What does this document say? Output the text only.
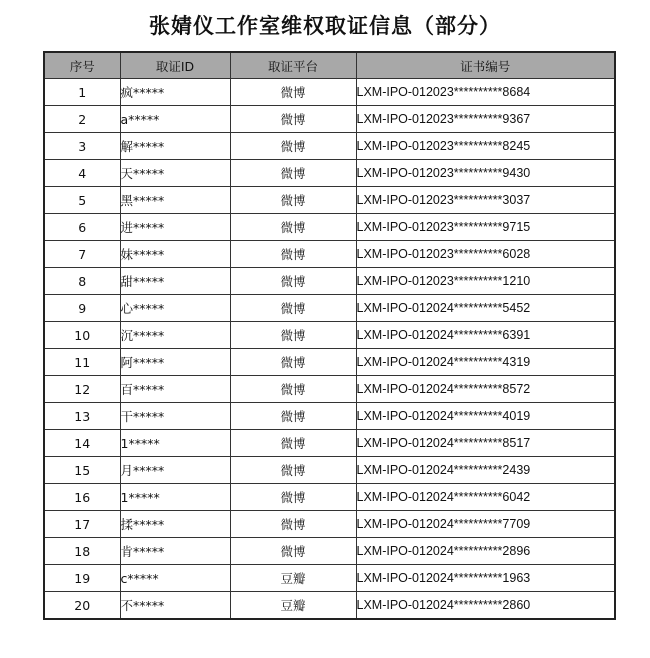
张婧仪工作室维权取证信息（部分）
序号	取证ID	取证平台	证书编号
1	疯*****	微博	LXM-IPO-012023**********8684
2	a*****	微博	LXM-IPO-012023**********9367
3	解*****	微博	LXM-IPO-012023**********8245
4	天*****	微博	LXM-IPO-012023**********9430
5	黑*****	微博	LXM-IPO-012023**********3037
6	进*****	微博	LXM-IPO-012023**********9715
7	妹*****	微博	LXM-IPO-012023**********6028
8	甜*****	微博	LXM-IPO-012023**********1210
9	心*****	微博	LXM-IPO-012024**********5452
10	沉*****	微博	LXM-IPO-012024**********6391
11	阿*****	微博	LXM-IPO-012024**********4319
12	百*****	微博	LXM-IPO-012024**********8572
13	干*****	微博	LXM-IPO-012024**********4019
14	1*****	微博	LXM-IPO-012024**********8517
15	月*****	微博	LXM-IPO-012024**********2439
16	1*****	微博	LXM-IPO-012024**********6042
17	揉*****	微博	LXM-IPO-012024**********7709
18	肯*****	微博	LXM-IPO-012024**********2896
19	c*****	豆瓣	LXM-IPO-012024**********1963
20	不*****	豆瓣	LXM-IPO-012024**********2860
